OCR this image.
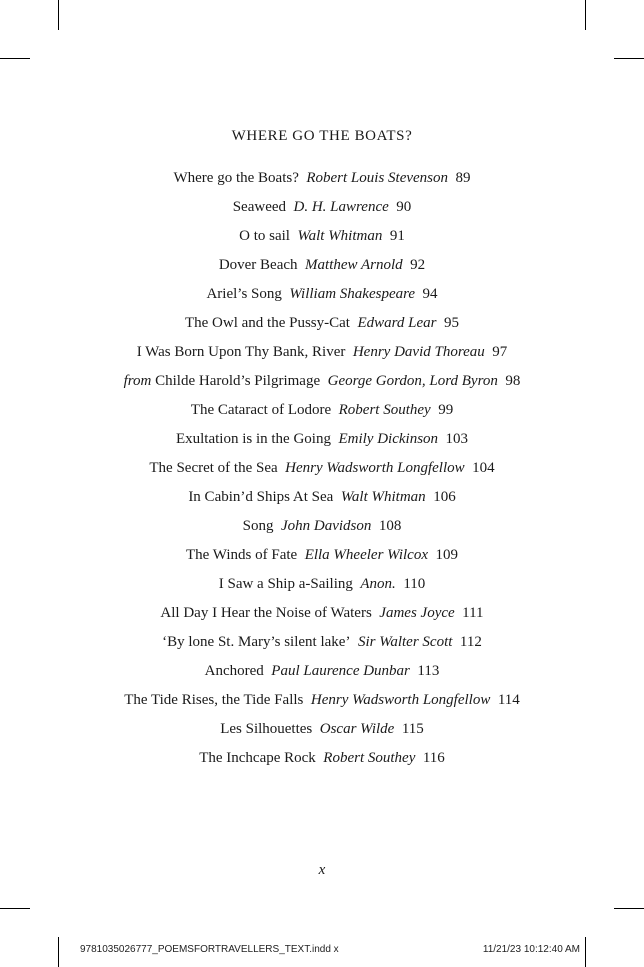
WHERE GO THE BOATS?
Where go the Boats? Robert Louis Stevenson 89
Seaweed D. H. Lawrence 90
O to sail Walt Whitman 91
Dover Beach Matthew Arnold 92
Ariel’s Song William Shakespeare 94
The Owl and the Pussy-Cat Edward Lear 95
I Was Born Upon Thy Bank, River Henry David Thoreau 97
from Childe Harold’s Pilgrimage George Gordon, Lord Byron 98
The Cataract of Lodore Robert Southey 99
Exultation is in the Going Emily Dickinson 103
The Secret of the Sea Henry Wadsworth Longfellow 104
In Cabin’d Ships At Sea Walt Whitman 106
Song John Davidson 108
The Winds of Fate Ella Wheeler Wilcox 109
I Saw a Ship a-Sailing Anon. 110
All Day I Hear the Noise of Waters James Joyce 111
‘By lone St. Mary’s silent lake’ Sir Walter Scott 112
Anchored Paul Laurence Dunbar 113
The Tide Rises, the Tide Falls Henry Wadsworth Longfellow 114
Les Silhouettes Oscar Wilde 115
The Inchcape Rock Robert Southey 116
x
9781035026777_POEMSFORTRAVELLERS_TEXT.indd x	11/21/23 10:12:40 AM
